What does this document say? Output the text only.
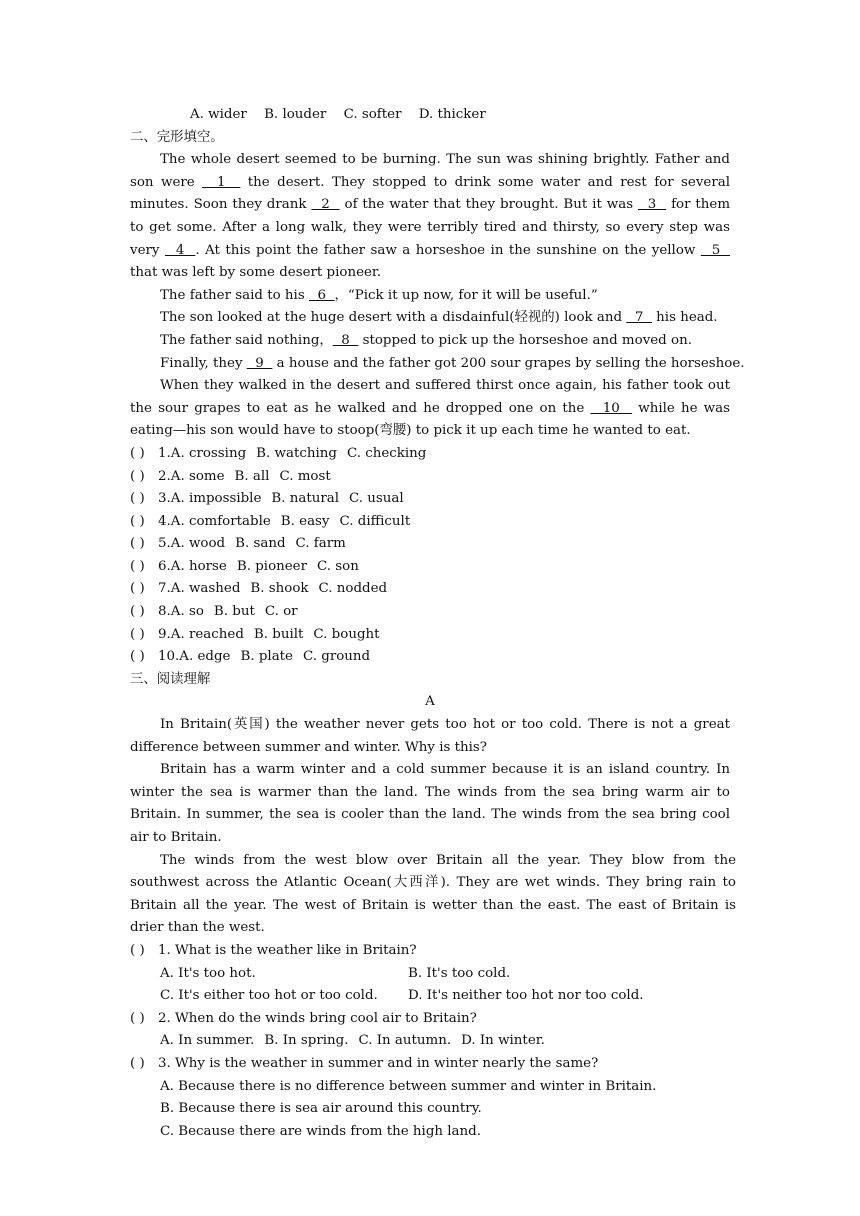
A. wider B. louder C. softer D. thicker
二、完形填空。
The whole desert seemed to be burning. The sun was shining brightly. Father and son were   1   the desert. They stopped to drink some water and rest for several minutes. Soon they drank   2   of the water that they brought. But it was   3   for them to get some. After a long walk, they were terribly tired and thirsty, so every step was very   4  . At this point the father saw a horseshoe in the sunshine on the yellow   5   that was left by some desert pioneer.
The father said to his   6  ，“Pick it up now, for it will be useful.”
The son looked at the huge desert with a disdainful(轻视的) look and   7   his head.
The father said nothing，  8   stopped to pick up the horseshoe and moved on.
Finally, they   9   a house and the father got 200 sour grapes by selling the horseshoe.
When they walked in the desert and suffered thirst once again, his father took out the sour grapes to eat as he walked and he dropped one on the   10   while he was eating—his son would have to stoop(弯腰) to pick it up each time he wanted to eat.
( ) 1.A. crossing B. watching C. checking
( ) 2.A. some B. all C. most
( ) 3.A. impossible B. natural C. usual
( ) 4.A. comfortable B. easy C. difficult
( ) 5.A. wood B. sand C. farm
( ) 6.A. horse B. pioneer C. son
( ) 7.A. washed B. shook C. nodded
( ) 8.A. so B. but C. or
( ) 9.A. reached B. built C. bought
( ) 10.A. edge B. plate C. ground
三、阅读理解
A
In Britain(英国) the weather never gets too hot or too cold. There is not a great difference between summer and winter. Why is this?
Britain has a warm winter and a cold summer because it is an island country. In winter the sea is warmer than the land. The winds from the sea bring warm air to Britain. In summer, the sea is cooler than the land. The winds from the sea bring cool air to Britain.
The winds from the west blow over Britain all the year. They blow from the southwest across the Atlantic Ocean(大西洋). They are wet winds. They bring rain to Britain all the year. The west of Britain is wetter than the east. The east of Britain is drier than the west.
( ) 1. What is the weather like in Britain?
A. It's too hot.	B. It's too cold.
C. It's either too hot or too cold. D. It's neither too hot nor too cold.
( ) 2. When do the winds bring cool air to Britain?
A. In summer. B. In spring. C. In autumn. D. In winter.
( ) 3. Why is the weather in summer and in winter nearly the same?
A. Because there is no difference between summer and winter in Britain.
B. Because there is sea air around this country.
C. Because there are winds from the high land.
